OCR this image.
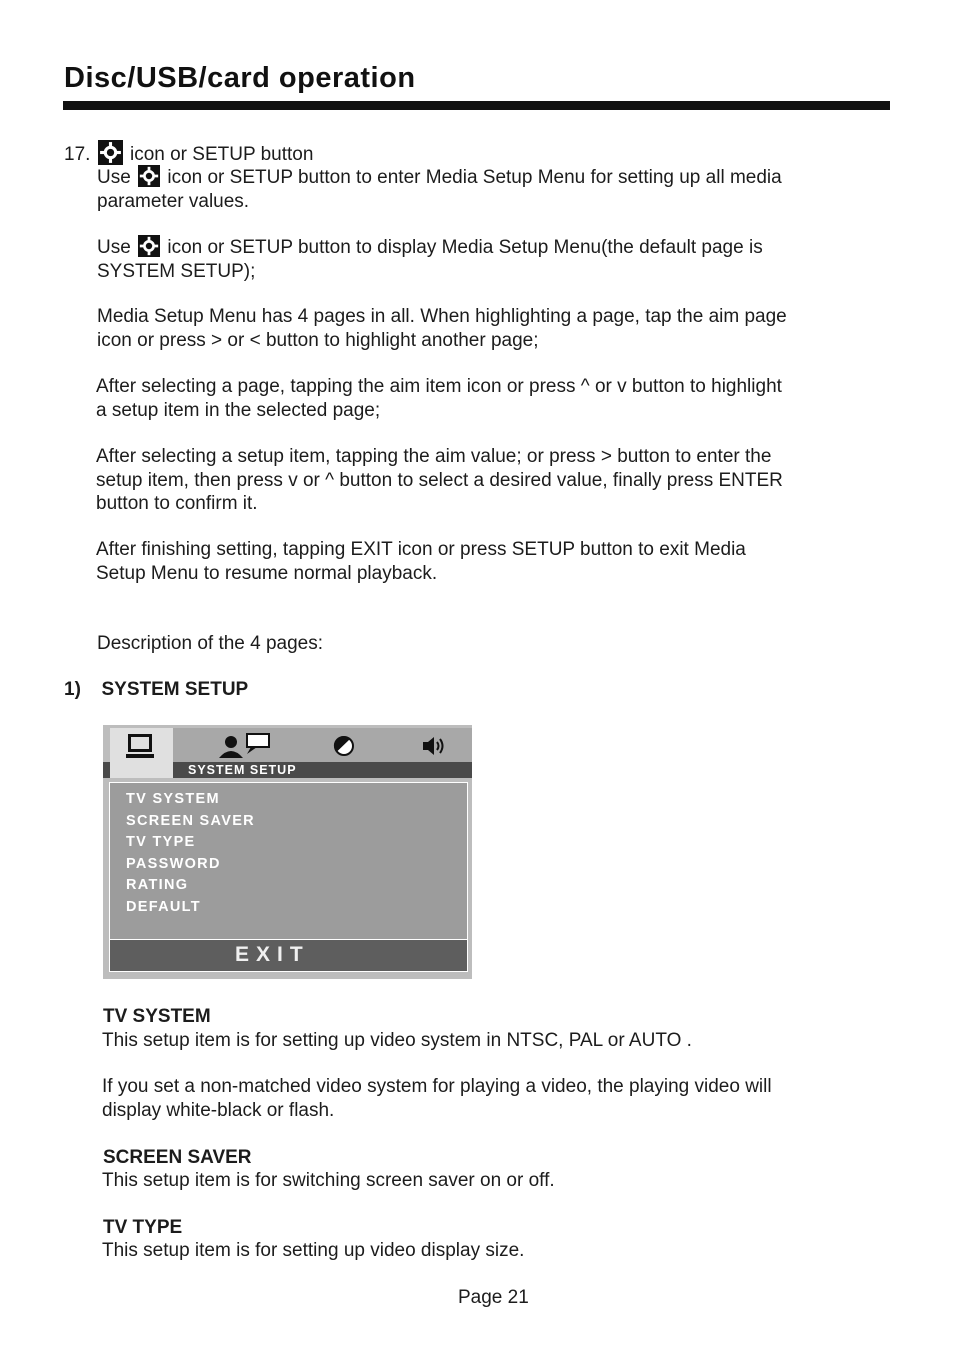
Disc/USB/card operation

17. icon or SETUP button

Use icon or SETUP button to enter Media Setup Menu for setting up all media
parameter values.

Use icon or SETUP button to display Media Setup Menu(the default page is
SYSTEM SETUP);

Media Setup Menu has 4 pages in all. When highlighting a page, tap the aim page
icon or press > or < button to highlight another page;

After selecting a page, tapping the aim item icon or press ^ or v button to highlight
a setup item in the selected page;

After selecting a setup item, tapping the aim value; or press > button to enter the
setup item, then press v or ^ button to select a desired value, finally press ENTER
button to confirm it.

After finishing setting, tapping EXIT icon or press SETUP button to exit Media
Setup Menu to resume normal playback.

Description of the 4 pages:

1) SYSTEM SETUP

SYSTEM SETUP
TV SYSTEM
SCREEN SAVER
TV TYPE
PASSWORD
RATING
DEFAULT
EXIT

TV SYSTEM

This setup item is for setting up video system in NTSC, PAL or AUTO .

If you set a non-matched video system for playing a video, the playing video will
display white-black or flash.

SCREEN SAVER

This setup item is for switching screen saver on or off.

TV TYPE

This setup item is for setting up video display size.

Page 21
